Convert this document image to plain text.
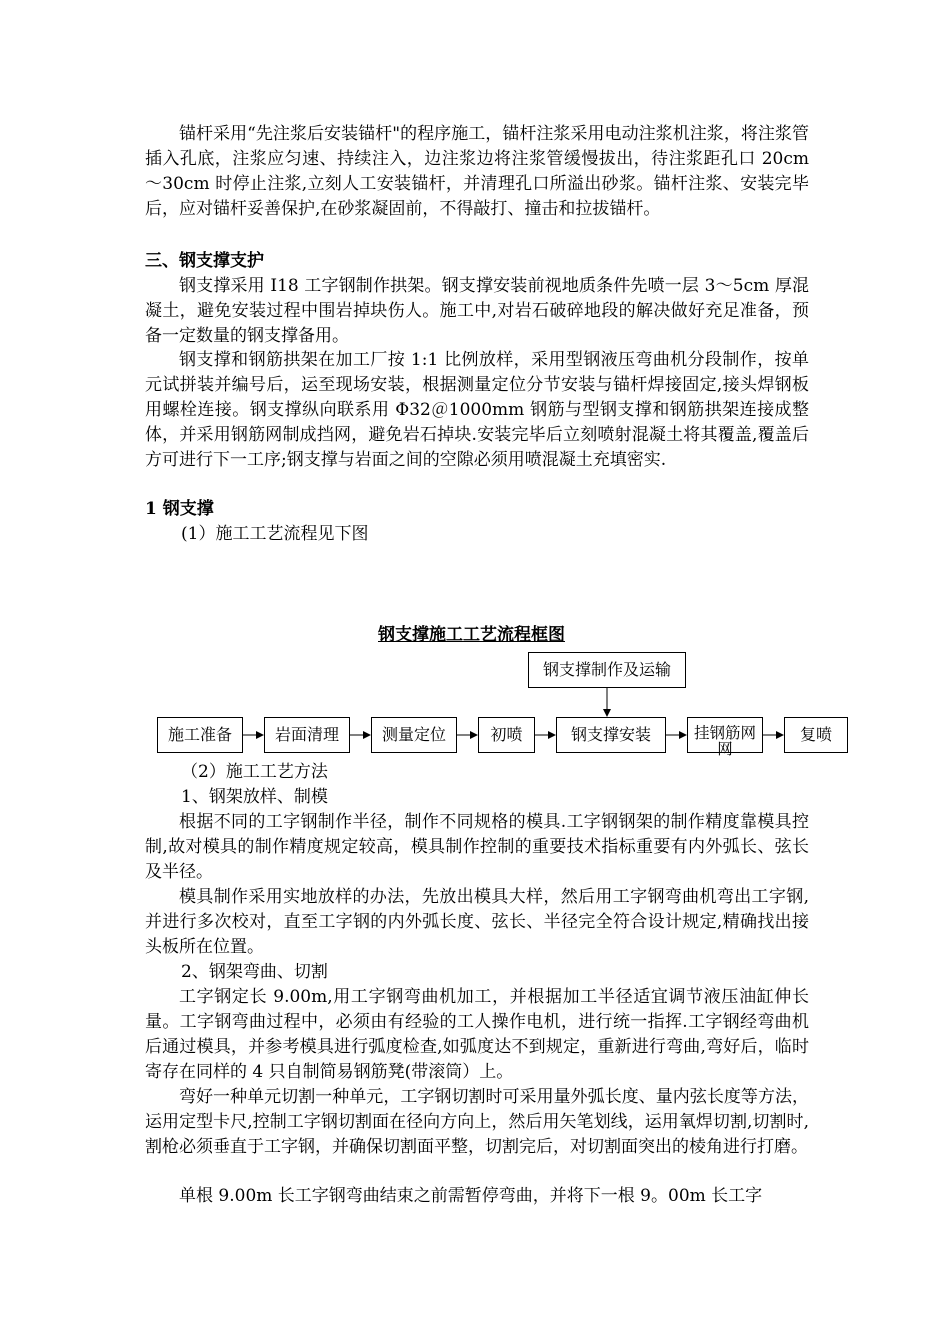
锚杆采用“先注浆后安装锚杆"的程序施工，锚杆注浆采用电动注浆机注浆，将注浆管插入孔底，注浆应匀速、持续注入，边注浆边将注浆管缓慢拔出，待注浆距孔口 20cm～30cm 时停止注浆,立刻人工安装锚杆，并清理孔口所溢出砂浆。锚杆注浆、安装完毕后，应对锚杆妥善保护,在砂浆凝固前，不得敲打、撞击和拉拔锚杆。

三、钢支撑支护

钢支撑采用 I18 工字钢制作拱架。钢支撑安装前视地质条件先喷一层 3～5cm 厚混凝土，避免安装过程中围岩掉块伤人。施工中,对岩石破碎地段的解决做好充足准备，预备一定数量的钢支撑备用。

钢支撑和钢筋拱架在加工厂按 1:1 比例放样，采用型钢液压弯曲机分段制作，按单元试拼装并编号后，运至现场安装，根据测量定位分节安装与锚杆焊接固定,接头焊钢板用螺栓连接。钢支撑纵向联系用 Φ32＠1000mm 钢筋与型钢支撑和钢筋拱架连接成整体，并采用钢筋网制成挡网，避免岩石掉块.安装完毕后立刻喷射混凝土将其覆盖,覆盖后方可进行下一工序;钢支撑与岩面之间的空隙必须用喷混凝土充填密实.

1 钢支撑

(1）施工工艺流程见下图

钢支撑施工工艺流程框图
钢支撑制作及运输
施工准备	岩面清理	测量定位	初喷	钢支撑安装	挂钢筋网网
复喷

（2）施工工艺方法

1、钢架放样、制模

根据不同的工字钢制作半径，制作不同规格的模具.工字钢钢架的制作精度靠模具控制,故对模具的制作精度规定较高，模具制作控制的重要技术指标重要有内外弧长、弦长及半径。

模具制作采用实地放样的办法，先放出模具大样，然后用工字钢弯曲机弯出工字钢,并进行多次校对，直至工字钢的内外弧长度、弦长、半径完全符合设计规定,精确找出接头板所在位置。

2、钢架弯曲、切割

工字钢定长 9.00m,用工字钢弯曲机加工，并根据加工半径适宜调节液压油缸伸长量。工字钢弯曲过程中，必须由有经验的工人操作电机，进行统一指挥.工字钢经弯曲机后通过模具，并参考模具进行弧度检查,如弧度达不到规定，重新进行弯曲,弯好后，临时寄存在同样的 4 只自制简易钢筋凳(带滚筒）上。

弯好一种单元切割一种单元，工字钢切割时可采用量外弧长度、量内弦长度等方法，运用定型卡尺,控制工字钢切割面在径向方向上，然后用矢笔划线，运用氧焊切割,切割时,割枪必须垂直于工字钢，并确保切割面平整，切割完后，对切割面突出的棱角进行打磨。

单根 9.00m 长工字钢弯曲结束之前需暂停弯曲，并将下一根 9。00m 长工字
